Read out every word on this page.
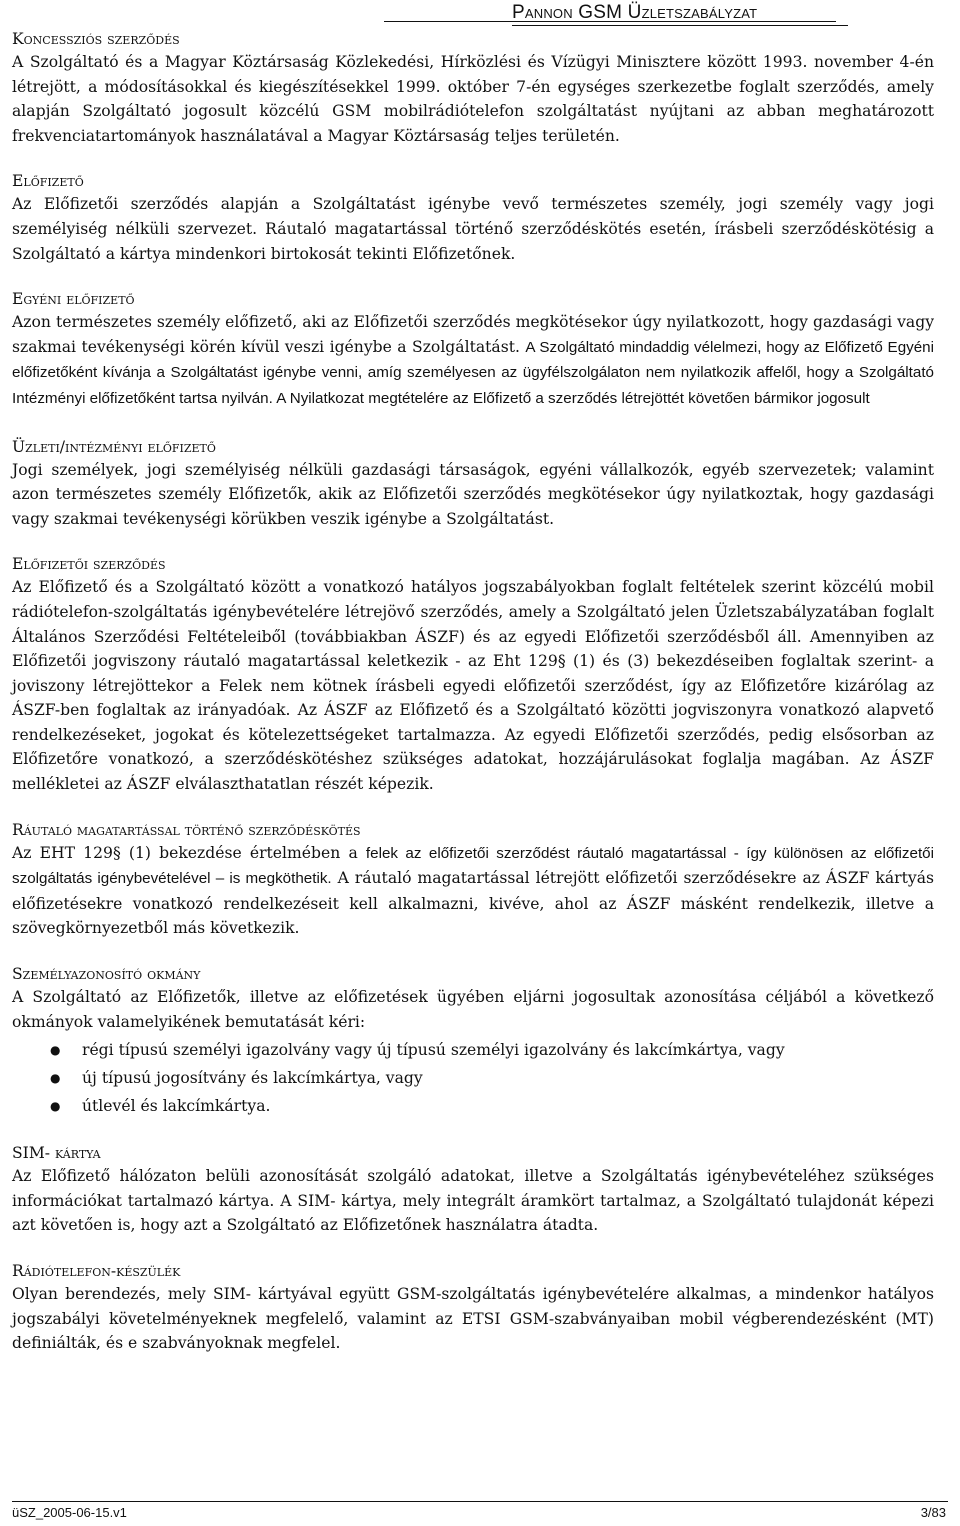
Pannon GSM Üzletszabályzat
Koncessziós szerződés

A Szolgáltató és a Magyar Köztársaság Közlekedési, Hírközlési és Vízügyi Minisztere között 1993. november 4-én létrejött, a módosításokkal és kiegészítésekkel 1999. október 7-én egységes szerkezetbe foglalt szerződés, amely alapján Szolgáltató jogosult közcélú GSM mobilrádiótelefon szolgáltatást nyújtani az abban meghatározott frekvenciatartományok használatával a Magyar Köztársaság teljes területén.

Előfizető

Az Előfizetői szerződés alapján a Szolgáltatást igénybe vevő természetes személy, jogi személy vagy jogi személyiség nélküli szervezet. Ráutaló magatartással történő szerződéskötés esetén, írásbeli szerződéskötésig a Szolgáltató a kártya mindenkori birtokosát tekinti Előfizetőnek.

Egyéni előfizető

Azon természetes személy előfizető, aki az Előfizetői szerződés megkötésekor úgy nyilatkozott, hogy gazdasági vagy szakmai tevékenységi körén kívül veszi igénybe a Szolgáltatást. A Szolgáltató mindaddig vélelmezi, hogy az Előfizető Egyéni előfizetőként kívánja a Szolgáltatást igénybe venni, amíg személyesen az ügyfélszolgálaton nem nyilatkozik affelől, hogy a Szolgáltató Intézményi előfizetőként tartsa nyilván. A Nyilatkozat megtételére az Előfizető a szerződés létrejöttét követően bármikor jogosult

Üzleti/intézményi előfizető

Jogi személyek, jogi személyiség nélküli gazdasági társaságok, egyéni vállalkozók, egyéb szervezetek; valamint azon természetes személy Előfizetők, akik az Előfizetői szerződés megkötésekor úgy nyilatkoztak, hogy gazdasági vagy szakmai tevékenységi körükben veszik igénybe a Szolgáltatást.

Előfizetői szerződés

Az Előfizető és a Szolgáltató között a vonatkozó hatályos jogszabályokban foglalt feltételek szerint közcélú mobil rádiótelefon-szolgáltatás igénybevételére létrejövő szerződés, amely a Szolgáltató jelen Üzletszabályzatában foglalt Általános Szerződési Feltételeiből (továbbiakban ÁSZF) és az egyedi Előfizetői szerződésből áll. Amennyiben az Előfizetői jogviszony ráutaló magatartással keletkezik - az Eht 129§ (1) és (3) bekezdéseiben foglaltak szerint- a joviszony létrejöttekor a Felek nem kötnek írásbeli egyedi előfizetői szerződést, így az Előfizetőre kizárólag az ÁSZF-ben foglaltak az irányadóak. Az ÁSZF az Előfizető és a Szolgáltató közötti jogviszonyra vonatkozó alapvető rendelkezéseket, jogokat és kötelezettségeket tartalmazza. Az egyedi Előfizetői szerződés, pedig elsősorban az Előfizetőre vonatkozó, a szerződéskötéshez szükséges adatokat, hozzájárulásokat foglalja magában. Az ÁSZF mellékletei az ÁSZF elválaszthatatlan részét képezik.

Ráutaló magatartással történő szerződéskötés

Az EHT 129§ (1) bekezdése értelmében a felek az előfizetői szerződést ráutaló magatartással - így különösen az előfizetői szolgáltatás igénybevételével – is megköthetik. A ráutaló magatartással létrejött előfizetői szerződésekre az ÁSZF kártyás előfizetésekre vonatkozó rendelkezéseit kell alkalmazni, kivéve, ahol az ÁSZF másként rendelkezik, illetve a szövegkörnyezetből más következik.

Személyazonosító okmány

A Szolgáltató az Előfizetők, illetve az előfizetések ügyében eljárni jogosultak azonosítása céljából a következő okmányok valamelyikének bemutatását kéri:

● régi típusú személyi igazolvány vagy új típusú személyi igazolvány és lakcímkártya, vagy
● új típusú jogosítvány és lakcímkártya, vagy
● útlevél és lakcímkártya.
SIM- kártya

Az Előfizető hálózaton belüli azonosítását szolgáló adatokat, illetve a Szolgáltatás igénybevételéhez szükséges információkat tartalmazó kártya. A SIM- kártya, mely integrált áramkört tartalmaz, a Szolgáltató tulajdonát képezi azt követően is, hogy azt a Szolgáltató az Előfizetőnek használatra átadta.

Rádiótelefon-készülék

Olyan berendezés, mely SIM- kártyával együtt GSM-szolgáltatás igénybevételére alkalmas, a mindenkor hatályos jogszabályi követelményeknek megfelelő, valamint az ETSI GSM-szabványaiban mobil végberendezésként (MT) definiálták, és e szabványoknak megfelel.

üSZ_2005-06-15.v1	3/83
